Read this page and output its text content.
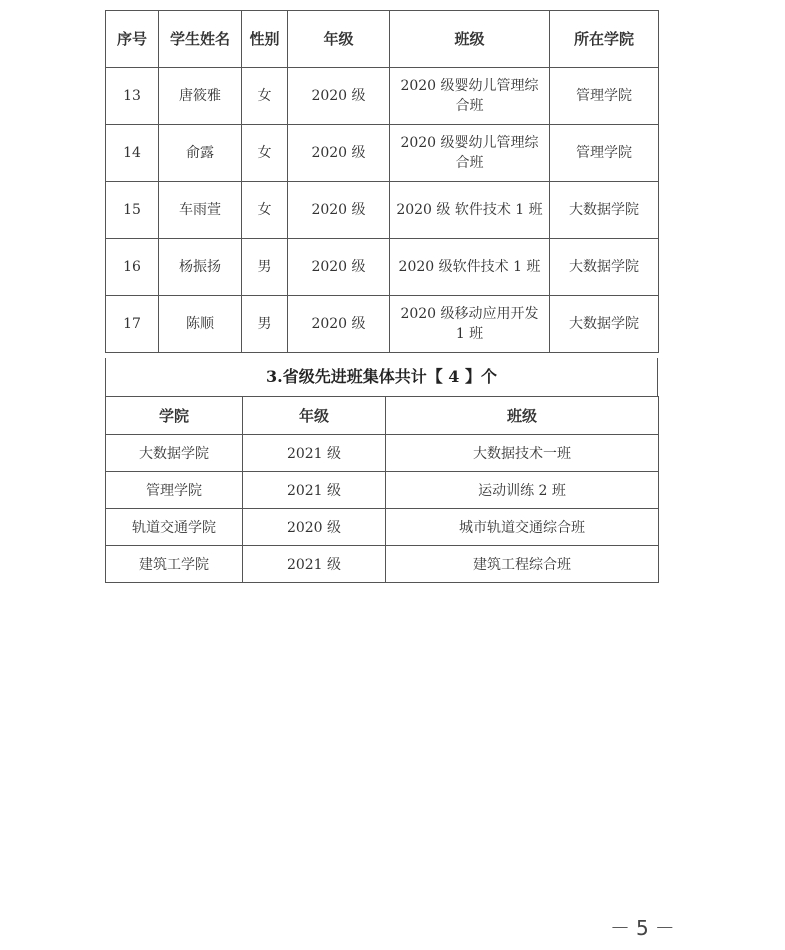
序号	学生姓名	性别	年级	班级	所在学院
13	唐筱雅	女	2020 级	2020 级婴幼儿管理综合班	管理学院
14	俞露	女	2020 级	2020 级婴幼儿管理综合班	管理学院
15	车雨萱	女	2020 级	2020 级 软件技术 1 班	大数据学院
16	杨振扬	男	2020 级	2020 级软件技术 1 班	大数据学院
17	陈顺	男	2020 级	2020 级移动应用开发 1 班	大数据学院
3.省级先进班集体共计【 4 】个
学院	年级	班级
大数据学院	2021 级	大数据技术一班
管理学院	2021 级	运动训练 2 班
轨道交通学院	2020 级	城市轨道交通综合班
建筑工学院	2021 级	建筑工程综合班
－5－
